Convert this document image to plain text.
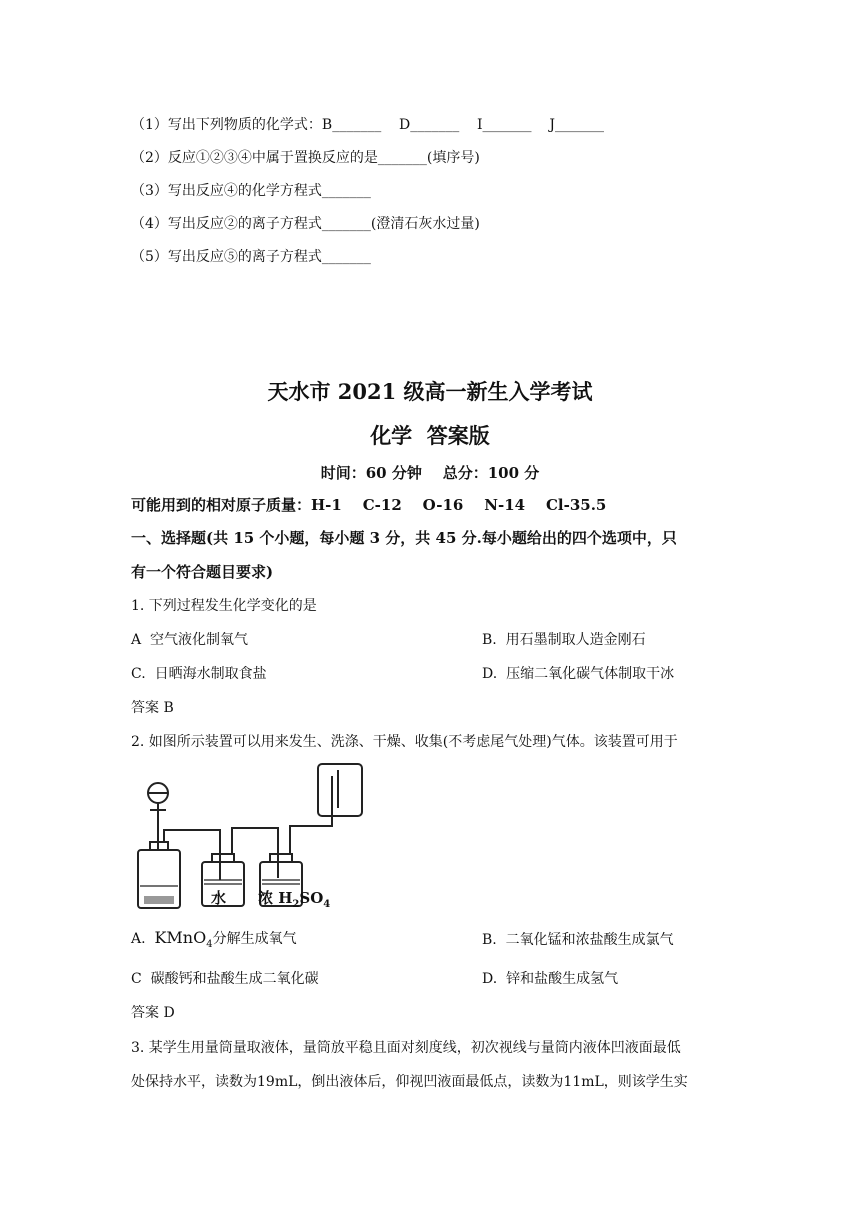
（1）写出下列物质的化学式：B_______    D_______    I_______    J_______
（2）反应①②③④中属于置换反应的是_______(填序号)
（3）写出反应④的化学方程式_______
（4）写出反应②的离子方程式_______(澄清石灰水过量)
（5）写出反应⑤的离子方程式_______
天水市 2021 级高一新生入学考试
化学  答案版
时间：60 分钟    总分：100 分
可能用到的相对原子质量：H-1    C-12    O-16    N-14    Cl-35.5
一、选择题(共 15 个小题，每小题 3 分，共 45 分.每小题给出的四个选项中，只
有一个符合题目要求)
1. 下列过程发生化学变化的是
A  空气液化制氧气	B.  用石墨制取人造金刚石
C.  日晒海水制取食盐	D.  压缩二氧化碳气体制取干冰
答案 B
2. 如图所示装置可以用来发生、洗涤、干燥、收集(不考虑尾气处理)气体。该装置可用于
水 浓 $H_2SO_4$
A.  KMnO$_4$分解生成氧气	B.  二氧化锰和浓盐酸生成氯气
C  碳酸钙和盐酸生成二氧化碳	D.  锌和盐酸生成氢气
答案 D
3. 某学生用量筒量取液体，量筒放平稳且面对刻度线，初次视线与量筒内液体凹液面最低
处保持水平，读数为19mL，倒出液体后，仰视凹液面最低点，读数为11mL，则该学生实
